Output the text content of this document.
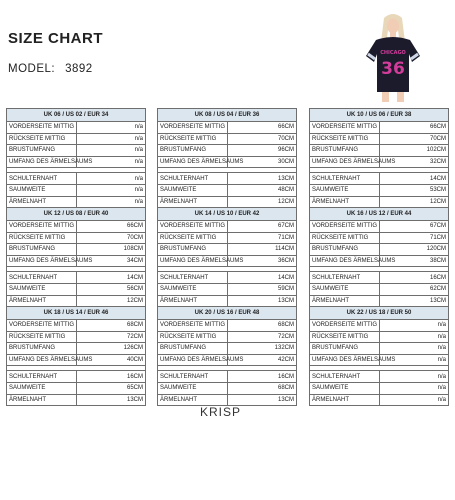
SIZE CHART
MODEL: 3892
CHICAGO
36
UK 06 / US 02 / EUR 34	
VORDERSEITE MITTIG	n/a
RÜCKSEITE MITTIG	n/a
BRUSTUMFANG	n/a
UMFANG DES ÄRMELSAUMS	n/a

SCHULTERNAHT	n/a
SAUMWEITE	n/a
ÄRMELNAHT	n/a
UK 08 / US 04 / EUR 36	
VORDERSEITE MITTIG	66CM
RÜCKSEITE MITTIG	70CM
BRUSTUMFANG	96CM
UMFANG DES ÄRMELSAUMS	30CM

SCHULTERNAHT	13CM
SAUMWEITE	48CM
ÄRMELNAHT	12CM
UK 10 / US 06 / EUR 38	
VORDERSEITE MITTIG	66CM
RÜCKSEITE MITTIG	70CM
BRUSTUMFANG	102CM
UMFANG DES ÄRMELSAUMS	32CM

SCHULTERNAHT	14CM
SAUMWEITE	53CM
ÄRMELNAHT	12CM
UK 12 / US 08 / EUR 40	
VORDERSEITE MITTIG	66CM
RÜCKSEITE MITTIG	70CM
BRUSTUMFANG	108CM
UMFANG DES ÄRMELSAUMS	34CM

SCHULTERNAHT	14CM
SAUMWEITE	56CM
ÄRMELNAHT	12CM
UK 14 / US 10 / EUR 42	
VORDERSEITE MITTIG	67CM
RÜCKSEITE MITTIG	71CM
BRUSTUMFANG	114CM
UMFANG DES ÄRMELSAUMS	36CM

SCHULTERNAHT	14CM
SAUMWEITE	59CM
ÄRMELNAHT	13CM
UK 16 / US 12 / EUR 44	
VORDERSEITE MITTIG	67CM
RÜCKSEITE MITTIG	71CM
BRUSTUMFANG	120CM
UMFANG DES ÄRMELSAUMS	38CM

SCHULTERNAHT	16CM
SAUMWEITE	62CM
ÄRMELNAHT	13CM
UK 18 / US 14 / EUR 46	
VORDERSEITE MITTIG	68CM
RÜCKSEITE MITTIG	72CM
BRUSTUMFANG	126CM
UMFANG DES ÄRMELSAUMS	40CM

SCHULTERNAHT	16CM
SAUMWEITE	65CM
ÄRMELNAHT	13CM
UK 20 / US 16 / EUR 48	
VORDERSEITE MITTIG	68CM
RÜCKSEITE MITTIG	72CM
BRUSTUMFANG	132CM
UMFANG DES ÄRMELSAUMS	42CM

SCHULTERNAHT	16CM
SAUMWEITE	68CM
ÄRMELNAHT	13CM
UK 22 / US 18 / EUR 50	
VORDERSEITE MITTIG	n/a
RÜCKSEITE MITTIG	n/a
BRUSTUMFANG	n/a
UMFANG DES ÄRMELSAUMS	n/a

SCHULTERNAHT	n/a
SAUMWEITE	n/a
ÄRMELNAHT	n/a
KRISP
